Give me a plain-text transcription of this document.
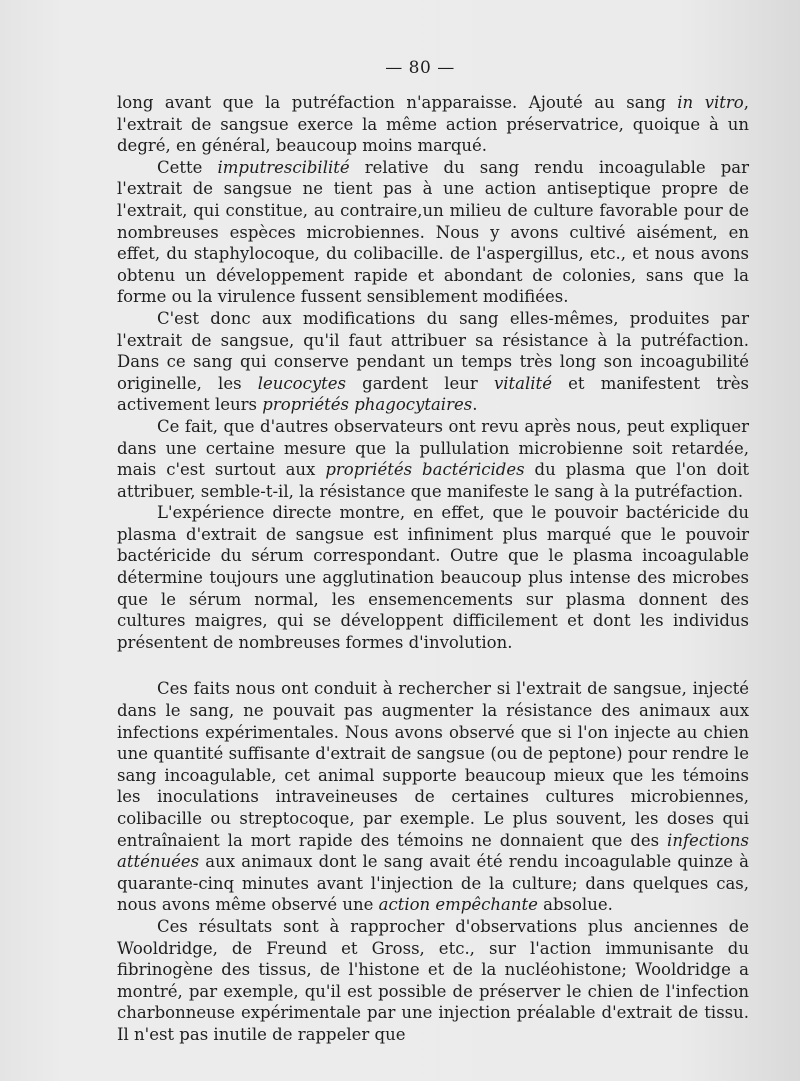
— 80 —

long avant que la putréfaction n'apparaisse. Ajouté au sang in vitro, l'extrait de sangsue exerce la même action préservatrice, quoique à un degré, en général, beaucoup moins marqué.

Cette imputrescibilité relative du sang rendu incoagulable par l'extrait de sangsue ne tient pas à une action antiseptique propre de l'extrait, qui constitue, au contraire,un milieu de culture favorable pour de nombreuses espèces microbiennes. Nous y avons cultivé aisément, en effet, du staphylocoque, du colibacille. de l'aspergillus, etc., et nous avons obtenu un développement rapide et abondant de colonies, sans que la forme ou la virulence fussent sensiblement modifiées.

C'est donc aux modifications du sang elles-mêmes, produites par l'extrait de sangsue, qu'il faut attribuer sa résistance à la putréfaction. Dans ce sang qui conserve pendant un temps très long son incoagubilité originelle, les leucocytes gardent leur vitalité et manifestent très activement leurs propriétés phagocytaires.

Ce fait, que d'autres observateurs ont revu après nous, peut expliquer dans une certaine mesure que la pullulation microbienne soit retardée, mais c'est surtout aux propriétés bactéricides du plasma que l'on doit attribuer, semble-t-il, la résistance que manifeste le sang à la putréfaction.

L'expérience directe montre, en effet, que le pouvoir bactéricide du plasma d'extrait de sangsue est infiniment plus marqué que le pouvoir bactéricide du sérum correspondant. Outre que le plasma incoagulable détermine toujours une agglutination beaucoup plus intense des microbes que le sérum normal, les ensemencements sur plasma donnent des cultures maigres, qui se développent difficilement et dont les individus présentent de nombreuses formes d'involution.

Ces faits nous ont conduit à rechercher si l'extrait de sangsue, injecté dans le sang, ne pouvait pas augmenter la résistance des animaux aux infections expérimentales. Nous avons observé que si l'on injecte au chien une quantité suffisante d'extrait de sangsue (ou de peptone) pour rendre le sang incoagulable, cet animal supporte beaucoup mieux que les témoins les inoculations intraveineuses de certaines cultures microbiennes, colibacille ou streptocoque, par exemple. Le plus souvent, les doses qui entraînaient la mort rapide des témoins ne donnaient que des infections atténuées aux animaux dont le sang avait été rendu incoagulable quinze à quarante-cinq minutes avant l'injection de la culture; dans quelques cas, nous avons même observé une action empêchante absolue.

Ces résultats sont à rapprocher d'observations plus anciennes de Wooldridge, de Freund et Gross, etc., sur l'action immunisante du fibrinogène des tissus, de l'histone et de la nucléohistone; Wooldridge a montré, par exemple, qu'il est possible de préserver le chien de l'infection charbonneuse expérimentale par une injection préalable d'extrait de tissu. Il n'est pas inutile de rappeler que
